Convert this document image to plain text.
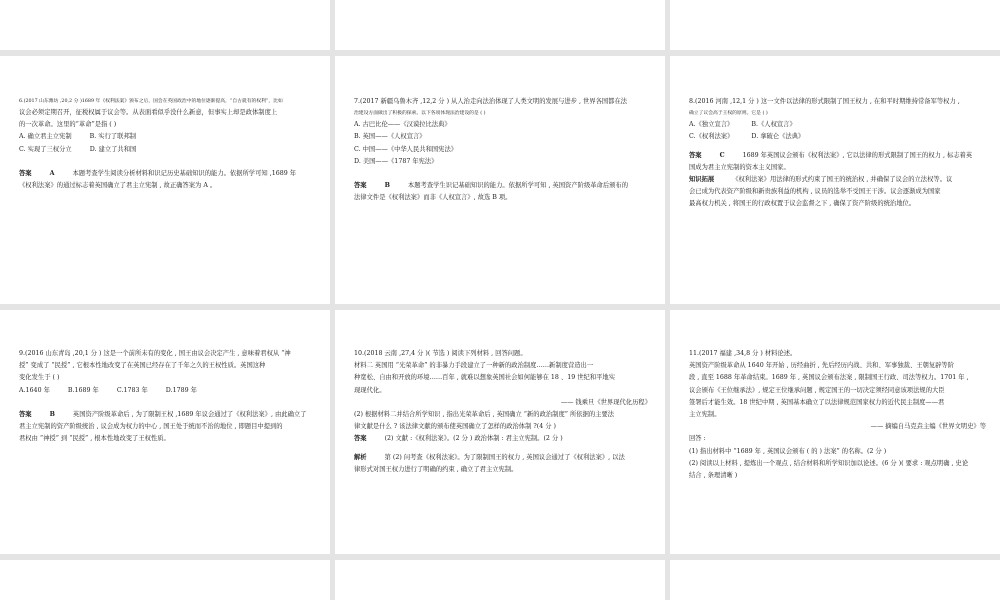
6.(2017 山东潍坊 ,20,2 分 )1689 年《权利法案》颁布之后，国会在英国政治中的地位逐渐提高，“自古就有的权利”，比如
议会必须定期召开，征税权属于议会等。从表面看似乎没什么新意，但事实上却是政体制度上
的一次革命。这里的“革命”是指 ( )
A. 确立君主立宪制	B. 实行了联邦制
C. 实现了三权分立	D. 建立了共和国
答案	A	本题考查学生阅读分析材料和识记历史基础知识的能力。依据所学可知 ,1689 年
《权利法案》的通过标志着英国确立了君主立宪制 , 故正确答案为 A 。
7.(2017 新疆乌鲁木齐 ,12,2 分 ) 从人治走向法治体现了人类文明的发展与进步 , 世界各国都在法
治建设方面做出了积极的探索。以下各项体现法治建设的是 ( )
A. 古巴比伦——《汉谟拉比法典》
B. 英国——《人权宣言》
C. 中国——《中华人民共和国宪法》
D. 美国——《1787 年宪法》
答案	B	本题考查学生识记基础知识的能力。依据所学可知 , 英国资产阶级革命后颁布的
法律文件是《权利法案》而非《人权宣言》, 故选 B 项。
8.(2016 河南 ,12,1 分 ) 这一文件以法律的形式限制了国王权力 , 在和平时期维持常备军等权力 ,
确立了议会高于王权的原则。它是 ( )
A.《独立宣言》	B.《人权宣言》
C.《权利法案》	D. 拿破仑《法典》
答案	C	1689 年英国议会颁布《权利法案》, 它以法律的形式限制了国王的权力 , 标志着英
国成为君主立宪制的资本主义国家。
知识拓展	《权利法案》用法律的形式约束了国王的统治权 , 并确保了议会的立法权等。议
会已成为代表资产阶级和新贵族利益的机构 , 议员的选举不受国王干涉。议会逐渐成为国家
最高权力机关 , 将国王的行政权置于议会监督之下 , 确保了资产阶级的统治地位。
9.(2016 山东青岛 ,20,1 分 ) 这是一个前所未有的变化 , 国王由议会决定产生 , 意味着君权从 “神
授” 变成了 “民授” , 它根本性地改变了在英国已经存在了千年之久的王权性质。英国这种
变化发生于 ( )
A.1640 年	B.1689 年	C.1783 年	D.1789 年
答案	B	英国资产阶级革命后 , 为了限制王权 ,1689 年议会通过了《权利法案》, 由此确立了
君主立宪制的资产阶级统治 , 议会成为权力的中心 , 国王处于统而不治的地位 , 即题目中提到的
君权由 “神授” 到 “民授” , 根本性地改变了王权性质。
10.(2018 云南 ,27,4 分 )( 节选 ) 阅读下列材料 , 回答问题。
材料二 英国用 “光荣革命” 的非暴力手段建立了一种新的政治制度……新制度营造出一
种宽松、自由和开放的环境……百年 , 就难以想象英国社会如何能够在 18 、19 世纪和平地实
现现代化。
—— 钱乘旦《世界现代化历程》
(2) 根据材料二并结合所学知识 , 指出光荣革命后 , 英国确立 “新的政治制度” 所依据的主要法
律文献是什么 ? 该法律文献的颁布使英国确立了怎样的政治体制 ?(4 分 )
答案	(2) 文献 :《权利法案》。(2 分 ) 政治体制 : 君主立宪制。(2 分 )
解析	第 (2) 问考查《权利法案》。为了限制国王的权力 , 英国议会通过了《权利法案》, 以法
律形式对国王权力进行了明确的约束 , 确立了君主立宪制。
11.(2017 福建 ,34,8 分 ) 材料论述。
英国资产阶级革命从 1640 年开始 , 历经曲折 , 先后经历内战、共和、军事独裁、王朝复辟等阶
段 , 直至 1688 年革命结束。1689 年 , 英国议会颁布法案 , 限制国王行政、司法等权力。1701 年 ,
议会颁布《王位继承法》, 规定王位继承问题 , 规定国王的一切决定须经同意该项法规的大臣
签署后才能生效。18 世纪中期 , 英国基本确立了以法律规范国家权力的近代民主制度——君
主立宪制。
—— 摘编自马克垚主编《世界文明史》等
回答 :
(1) 指出材料中 “1689 年 , 英国议会颁布 ( 的 ) 法案” 的名称。(2 分 )
(2) 阅读以上材料 , 提炼出一个观点 , 结合材料和所学知识加以论述。(6 分 )( 要求 : 观点明确 , 史论
结合 , 条理清晰 )
